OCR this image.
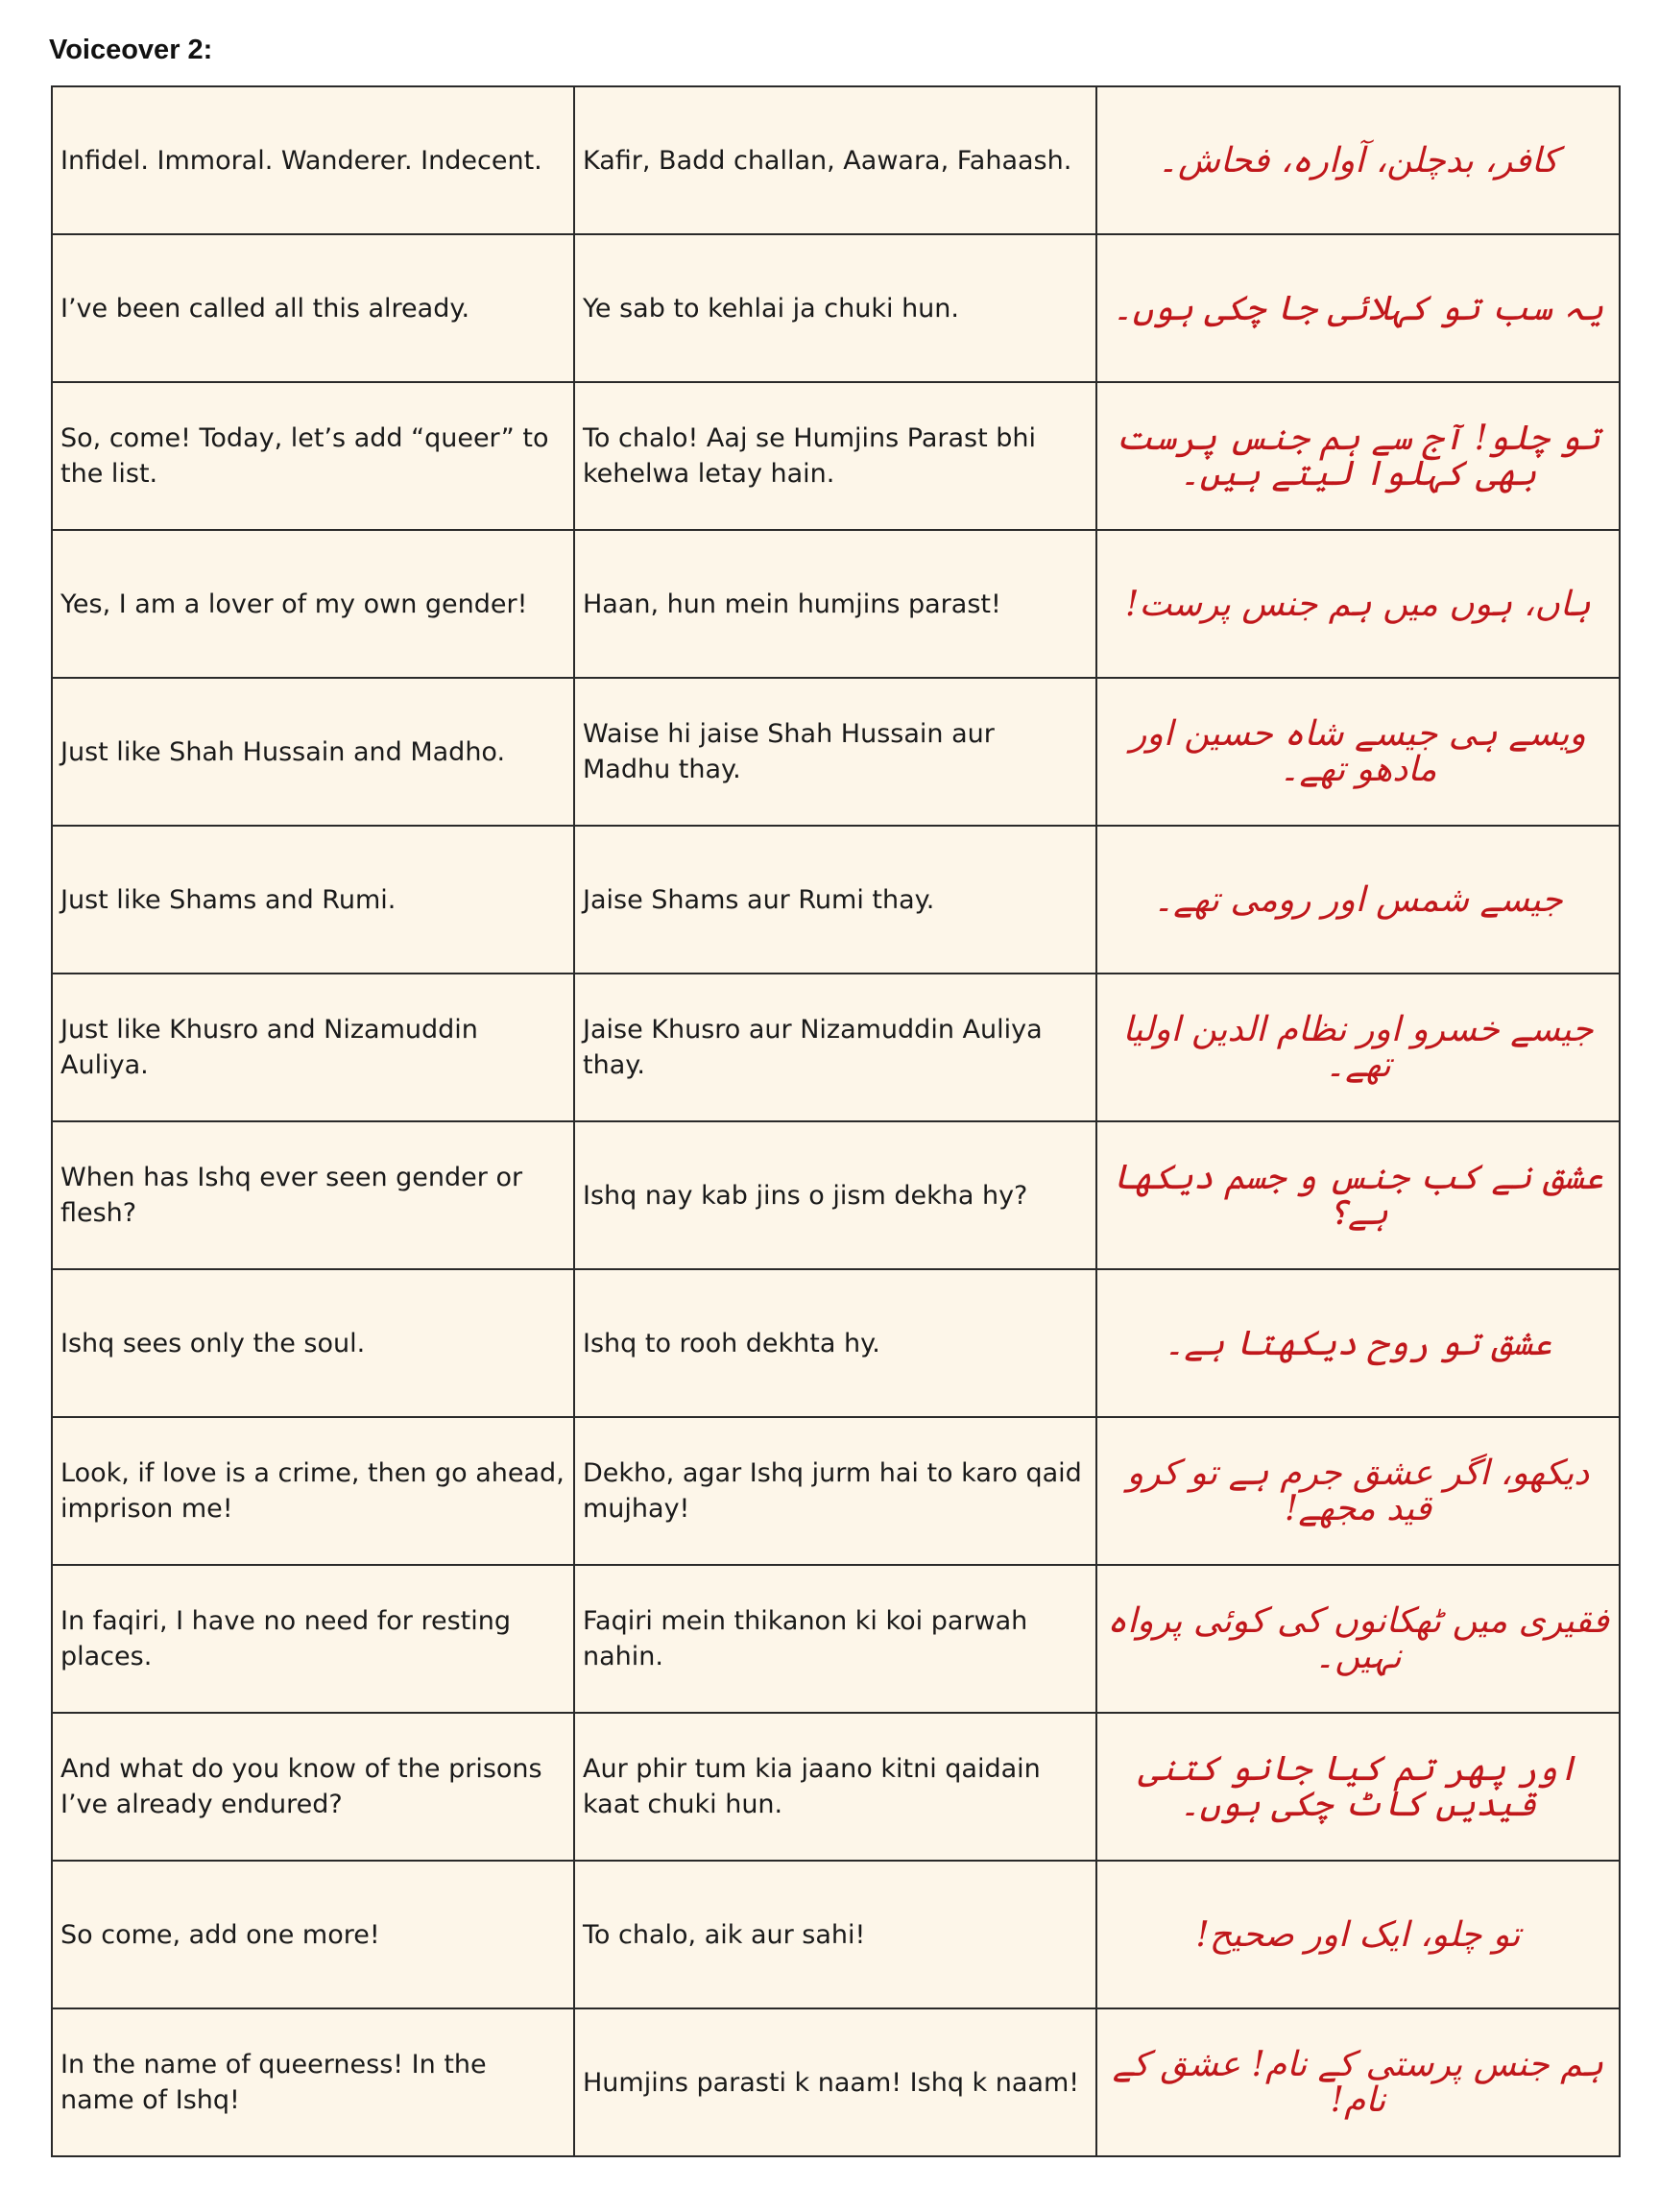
Voiceover 2:
Infidel. Immoral. Wanderer. Indecent.	Kafir, Badd challan, Aawara, Fahaash.	کافر، بدچلن، آوارہ، فحاش۔
I’ve been called all this already.	Ye sab to kehlai ja chuki hun.	یہ سب تو کہلائی جا چکی ہوں۔
So, come! Today, let’s add “queer” to the list.	To chalo! Aaj se Humjins Parast bhi kehelwa letay hain.	تو چلو! آج سے ہم جنس پرست بھی کہلوا لیتے ہیں۔
Yes, I am a lover of my own gender!	Haan, hun mein humjins parast!	ہاں، ہوں میں ہم جنس پرست!
Just like Shah Hussain and Madho.	Waise hi jaise Shah Hussain aur Madhu thay.	ویسے ہی جیسے شاہ حسین اور مادھو تھے۔
Just like Shams and Rumi.	Jaise Shams aur Rumi thay.	جیسے شمس اور رومی تھے۔
Just like Khusro and Nizamuddin Auliya.	Jaise Khusro aur Nizamuddin Auliya thay.	جیسے خسرو اور نظام الدین اولیا تھے۔
When has Ishq ever seen gender or flesh?	Ishq nay kab jins o jism dekha hy?	عشق نے کب جنس و جسم دیکھا ہے؟
Ishq sees only the soul.	Ishq to rooh dekhta hy.	عشق تو روح دیکھتا ہے۔
Look, if love is a crime, then go ahead, imprison me!	Dekho, agar Ishq jurm hai to karo qaid mujhay!	دیکھو، اگر عشق جرم ہے تو کرو قید مجھے!
In faqiri, I have no need for resting places.	Faqiri mein thikanon ki koi parwah nahin.	فقیری میں ٹھکانوں کی کوئی پرواہ نہیں۔
And what do you know of the prisons I’ve already endured?	Aur phir tum kia jaano kitni qaidain kaat chuki hun.	اور پھر تم کیا جانو کتنی قیدیں کاٹ چکی ہوں۔
So come, add one more!	To chalo, aik aur sahi!	تو چلو، ایک اور صحیح!
In the name of queerness! In the name of Ishq!	Humjins parasti k naam! Ishq k naam!	ہم جنس پرستی کے نام! عشق کے نام!
